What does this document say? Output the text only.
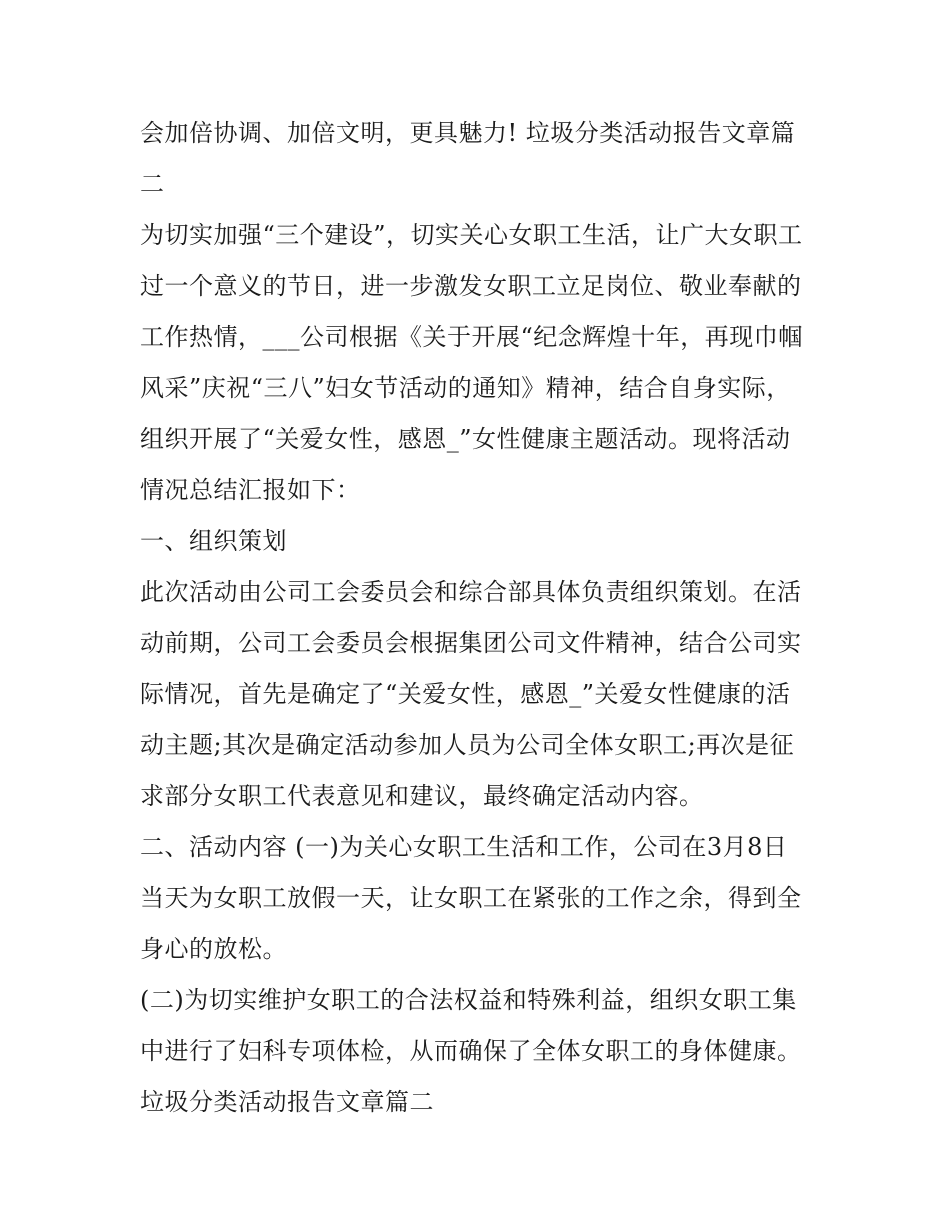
会加倍协调、加倍文明，更具魅力! 垃圾分类活动报告文章篇
二
为切实加强“三个建设”，切实关心女职工生活，让广大女职工
过一个意义的节日，进一步激发女职工立足岗位、敬业奉献的
工作热情，___公司根据《关于开展“纪念辉煌十年，再现巾帼
风采”庆祝“三八”妇女节活动的通知》精神，结合自身实际，
组织开展了“关爱女性，感恩_”女性健康主题活动。现将活动
情况总结汇报如下：
一、组织策划
此次活动由公司工会委员会和综合部具体负责组织策划。在活
动前期，公司工会委员会根据集团公司文件精神，结合公司实
际情况，首先是确定了“关爱女性，感恩_”关爱女性健康的活
动主题;其次是确定活动参加人员为公司全体女职工;再次是征
求部分女职工代表意见和建议，最终确定活动内容。
二、活动内容 (一)为关心女职工生活和工作，公司在3月8日
当天为女职工放假一天，让女职工在紧张的工作之余，得到全
身心的放松。
(二)为切实维护女职工的合法权益和特殊利益，组织女职工集
中进行了妇科专项体检，从而确保了全体女职工的身体健康。
垃圾分类活动报告文章篇二
